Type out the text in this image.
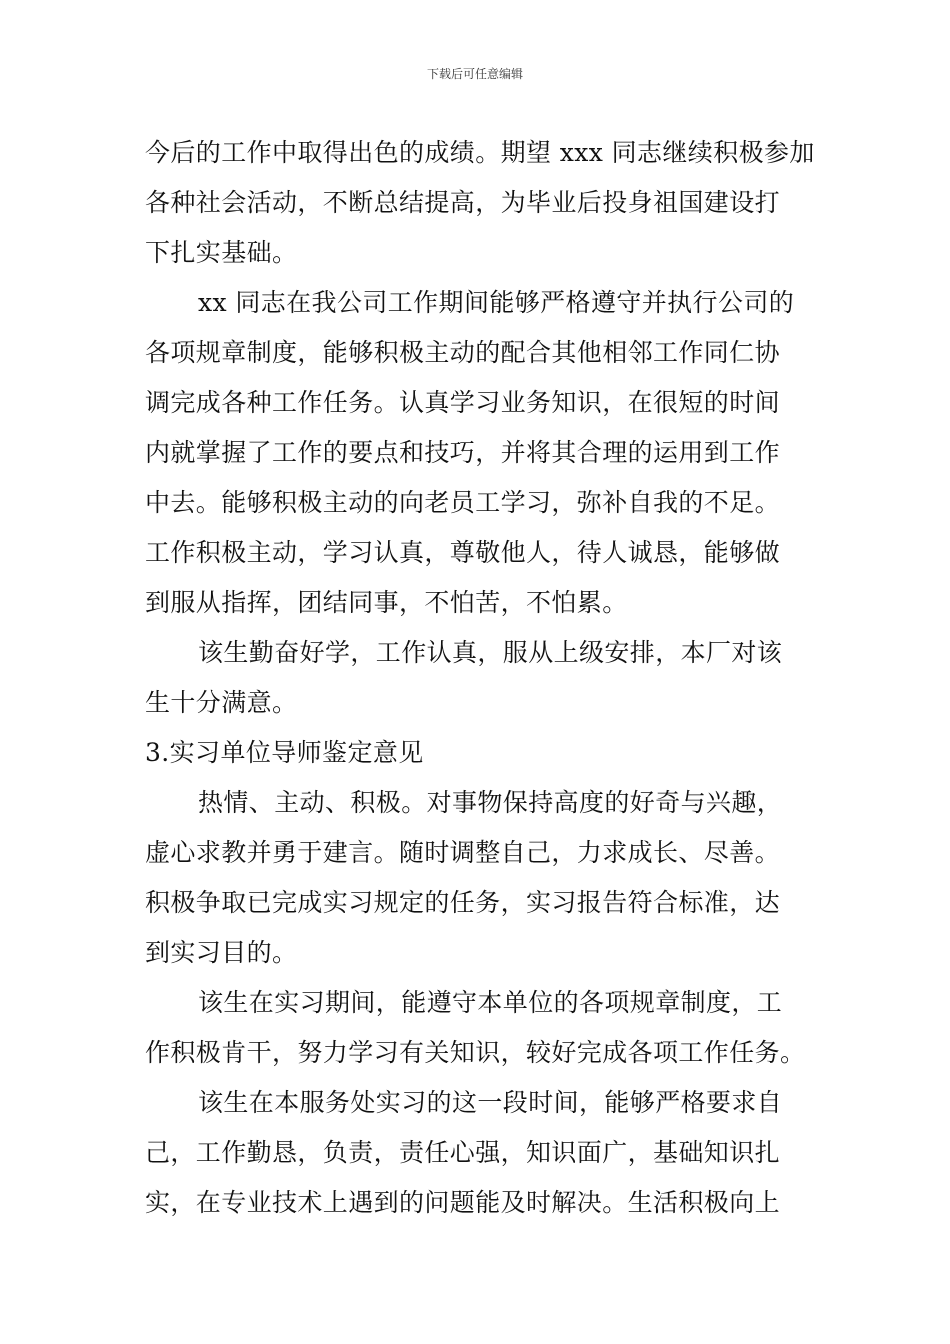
下载后可任意编辑
今后的工作中取得出色的成绩。期望 xxx 同志继续积极参加
各种社会活动，不断总结提高，为毕业后投身祖国建设打
下扎实基础。
xx 同志在我公司工作期间能够严格遵守并执行公司的
各项规章制度，能够积极主动的配合其他相邻工作同仁协
调完成各种工作任务。认真学习业务知识，在很短的时间
内就掌握了工作的要点和技巧，并将其合理的运用到工作
中去。能够积极主动的向老员工学习，弥补自我的不足。
工作积极主动，学习认真，尊敬他人，待人诚恳，能够做
到服从指挥，团结同事，不怕苦，不怕累。
该生勤奋好学，工作认真，服从上级安排，本厂对该
生十分满意。
3.实习单位导师鉴定意见
热情、主动、积极。对事物保持高度的好奇与兴趣，
虚心求教并勇于建言。随时调整自己，力求成长、尽善。
积极争取已完成实习规定的任务，实习报告符合标准，达
到实习目的。
该生在实习期间，能遵守本单位的各项规章制度，工
作积极肯干，努力学习有关知识，较好完成各项工作任务。
该生在本服务处实习的这一段时间，能够严格要求自
己，工作勤恳，负责，责任心强，知识面广，基础知识扎
实，在专业技术上遇到的问题能及时解决。生活积极向上
